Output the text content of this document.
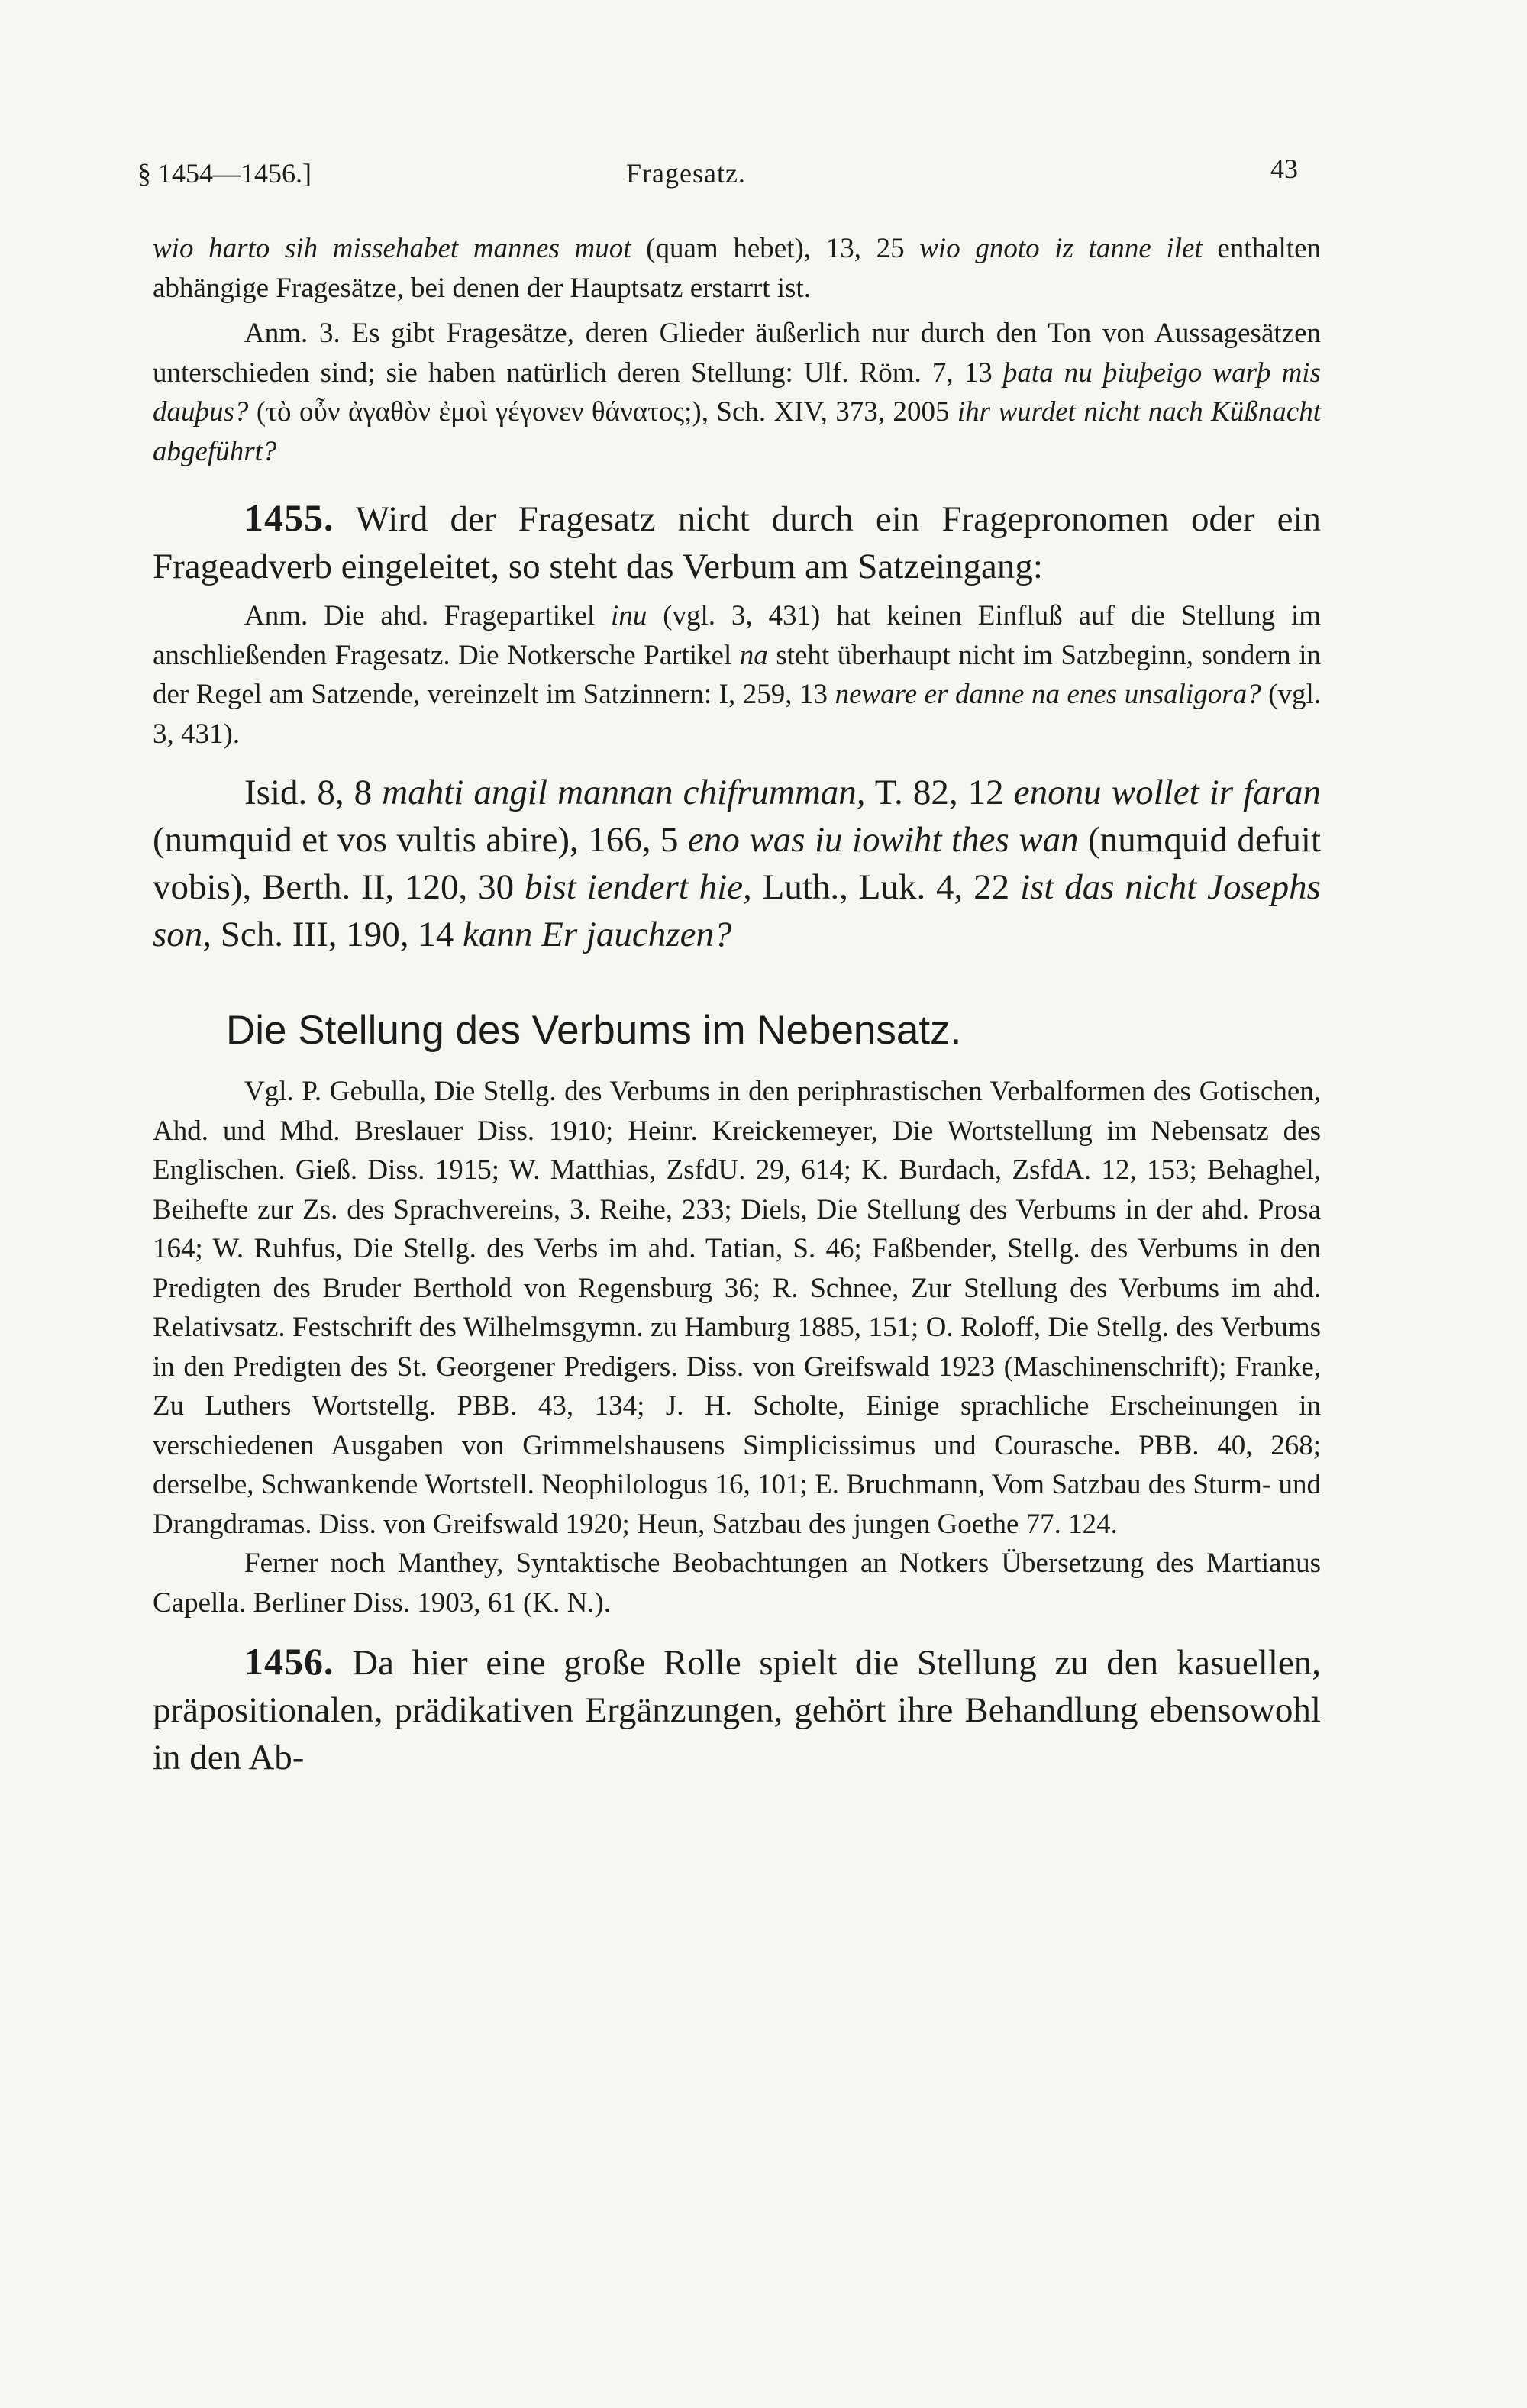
§ 1454—1456.]	Fragesatz.	43

wio harto sih missehabet mannes muot (quam hebet), 13, 25 wio gnoto iz tanne ilet enthalten abhängige Fragesätze, bei denen der Hauptsatz erstarrt ist.

Anm. 3. Es gibt Fragesätze, deren Glieder äußerlich nur durch den Ton von Aussagesätzen unterschieden sind; sie haben natürlich deren Stellung: Ulf. Röm. 7, 13 þata nu þiuþeigo warþ mis dauþus? (τὸ οὖν ἀγαθὸν ἐμοὶ γέγονεν θάνατος;), Sch. XIV, 373, 2005 ihr wurdet nicht nach Küßnacht abgeführt?

1455. Wird der Fragesatz nicht durch ein Fragepronomen oder ein Frageadverb eingeleitet, so steht das Verbum am Satzeingang:

Anm. Die ahd. Fragepartikel inu (vgl. 3, 431) hat keinen Einfluß auf die Stellung im anschließenden Fragesatz. Die Notkersche Partikel na steht überhaupt nicht im Satzbeginn, sondern in der Regel am Satzende, vereinzelt im Satzinnern: I, 259, 13 neware er danne na enes unsaligora? (vgl. 3, 431).

Isid. 8, 8 mahti angil mannan chifrumman, T. 82, 12 enonu wollet ir faran (numquid et vos vultis abire), 166, 5 eno was iu iowiht thes wan (numquid defuit vobis), Berth. II, 120, 30 bist iendert hie, Luth., Luk. 4, 22 ist das nicht Josephs son, Sch. III, 190, 14 kann Er jauchzen?

Die Stellung des Verbums im Nebensatz.

Vgl. P. Gebulla, Die Stellg. des Verbums in den periphrastischen Verbalformen des Gotischen, Ahd. und Mhd. Breslauer Diss. 1910; Heinr. Kreickemeyer, Die Wortstellung im Nebensatz des Englischen. Gieß. Diss. 1915; W. Matthias, ZsfdU. 29, 614; K. Burdach, ZsfdA. 12, 153; Behaghel, Beihefte zur Zs. des Sprachvereins, 3. Reihe, 233; Diels, Die Stellung des Verbums in der ahd. Prosa 164; W. Ruhfus, Die Stellg. des Verbs im ahd. Tatian, S. 46; Faßbender, Stellg. des Verbums in den Predigten des Bruder Berthold von Regensburg 36; R. Schnee, Zur Stellung des Verbums im ahd. Relativsatz. Festschrift des Wilhelmsgymn. zu Hamburg 1885, 151; O. Roloff, Die Stellg. des Verbums in den Predigten des St. Georgener Predigers. Diss. von Greifswald 1923 (Maschinenschrift); Franke, Zu Luthers Wortstellg. PBB. 43, 134; J. H. Scholte, Einige sprachliche Erscheinungen in verschiedenen Ausgaben von Grimmelshausens Simplicissimus und Courasche. PBB. 40, 268; derselbe, Schwankende Wortstell. Neophilologus 16, 101; E. Bruchmann, Vom Satzbau des Sturm- und Drangdramas. Diss. von Greifswald 1920; Heun, Satzbau des jungen Goethe 77. 124.

Ferner noch Manthey, Syntaktische Beobachtungen an Notkers Übersetzung des Martianus Capella. Berliner Diss. 1903, 61 (K. N.).

1456. Da hier eine große Rolle spielt die Stellung zu den kasuellen, präpositionalen, prädikativen Ergänzungen, gehört ihre Behandlung ebensowohl in den Ab-
